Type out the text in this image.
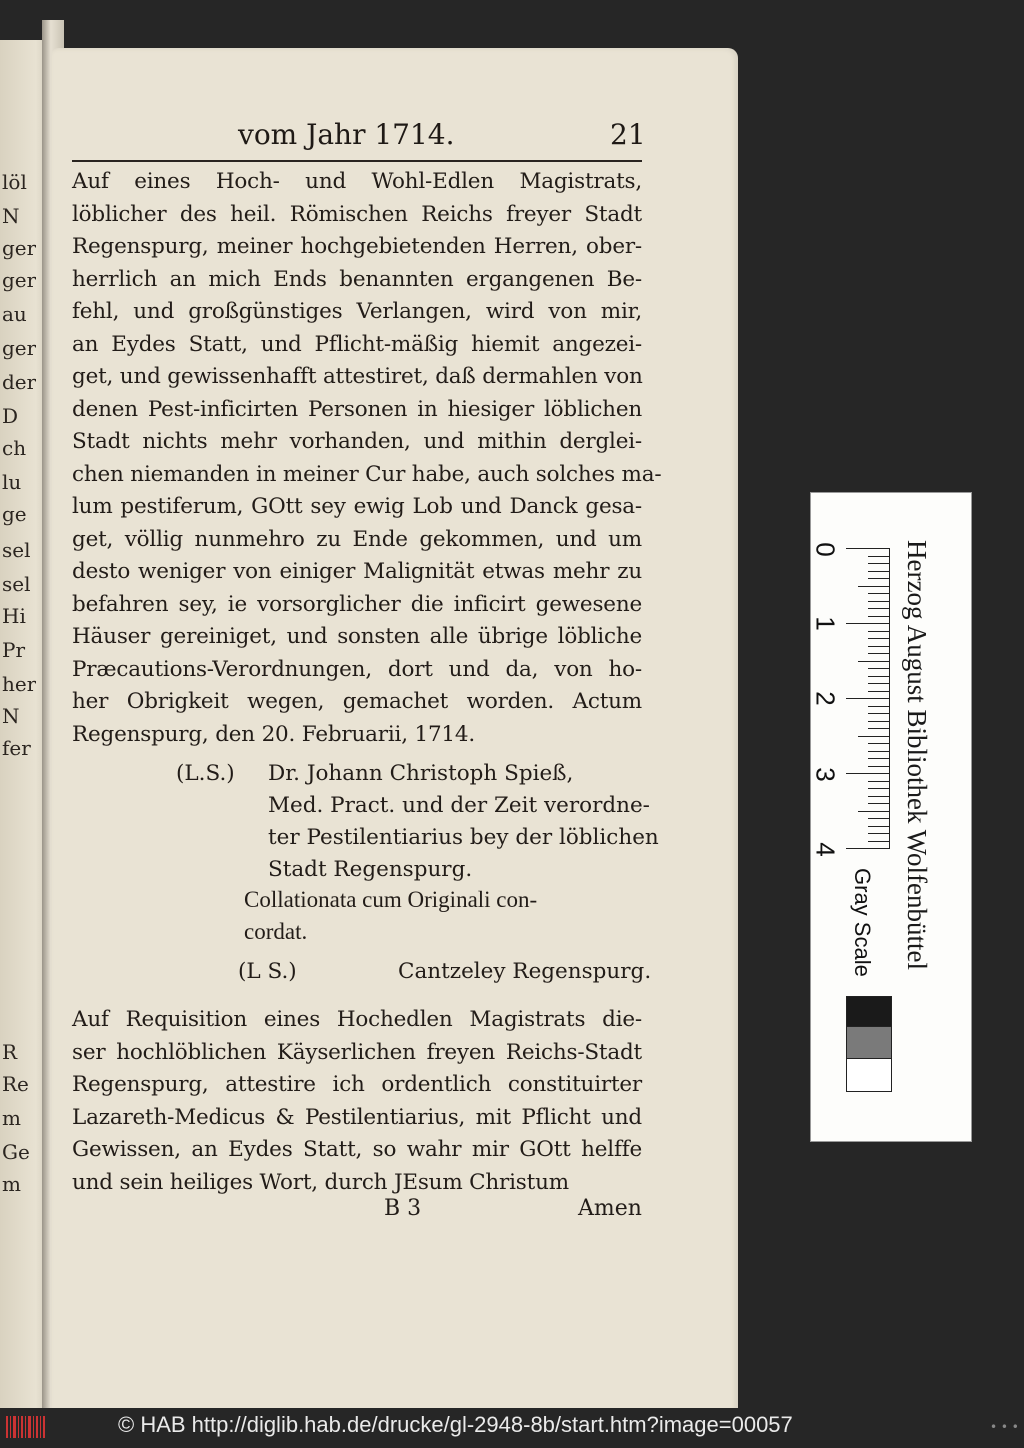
löl
N
ger
ger
au
ger
der
D
ch
lu
ge
sel
sel
Hi
Pr
her
N
fer
R
Re
m
Ge
m
vom Jahr 1714.	21
Auf eines Hoch- und Wohl-Edlen Magistrats,
löblicher des heil. Römischen Reichs freyer Stadt
Regenspurg, meiner hochgebietenden Herren, ober-
herrlich an mich Ends benannten ergangenen Be-
fehl, und großgünstiges Verlangen, wird von mir,
an Eydes Statt, und Pflicht-mäßig hiemit angezei-
get, und gewissenhafft attestiret, daß dermahlen von
denen Pest-inficirten Personen in hiesiger löblichen
Stadt nichts mehr vorhanden, und mithin derglei-
chen niemanden in meiner Cur habe, auch solches ma-
lum pestiferum, GOtt sey ewig Lob und Danck gesa-
get, völlig nunmehro zu Ende gekommen, und um
desto weniger von einiger Malignität etwas mehr zu
befahren sey, ie vorsorglicher die inficirt gewesene
Häuser gereiniget, und sonsten alle übrige löbliche
Præcautions-Verordnungen, dort und da, von ho-
her Obrigkeit wegen, gemachet worden. Actum
Regenspurg, den 20. Februarii, 1714.
(L.S.) Dr. Johann Christoph Spieß,
Med. Pract. und der Zeit verordne-
ter Pestilentiarius bey der löblichen
Stadt Regenspurg.
Collationata cum Originali con-
cordat.
(L S.)	Cantzeley Regenspurg.
Auf Requisition eines Hochedlen Magistrats die-
ser hochlöblichen Käyserlichen freyen Reichs-Stadt
Regenspurg, attestire ich ordentlich constituirter
Lazareth-Medicus & Pestilentiarius, mit Pflicht und
Gewissen, an Eydes Statt, so wahr mir GOtt helffe
und sein heiliges Wort, durch JEsum Christum
B 3	Amen
Herzog August Bibliothek Wolfenbüttel
0
1
2
3
4
Gray Scale
© HAB http://diglib.hab.de/drucke/gl-2948-8b/start.htm?image=00057	• • •
